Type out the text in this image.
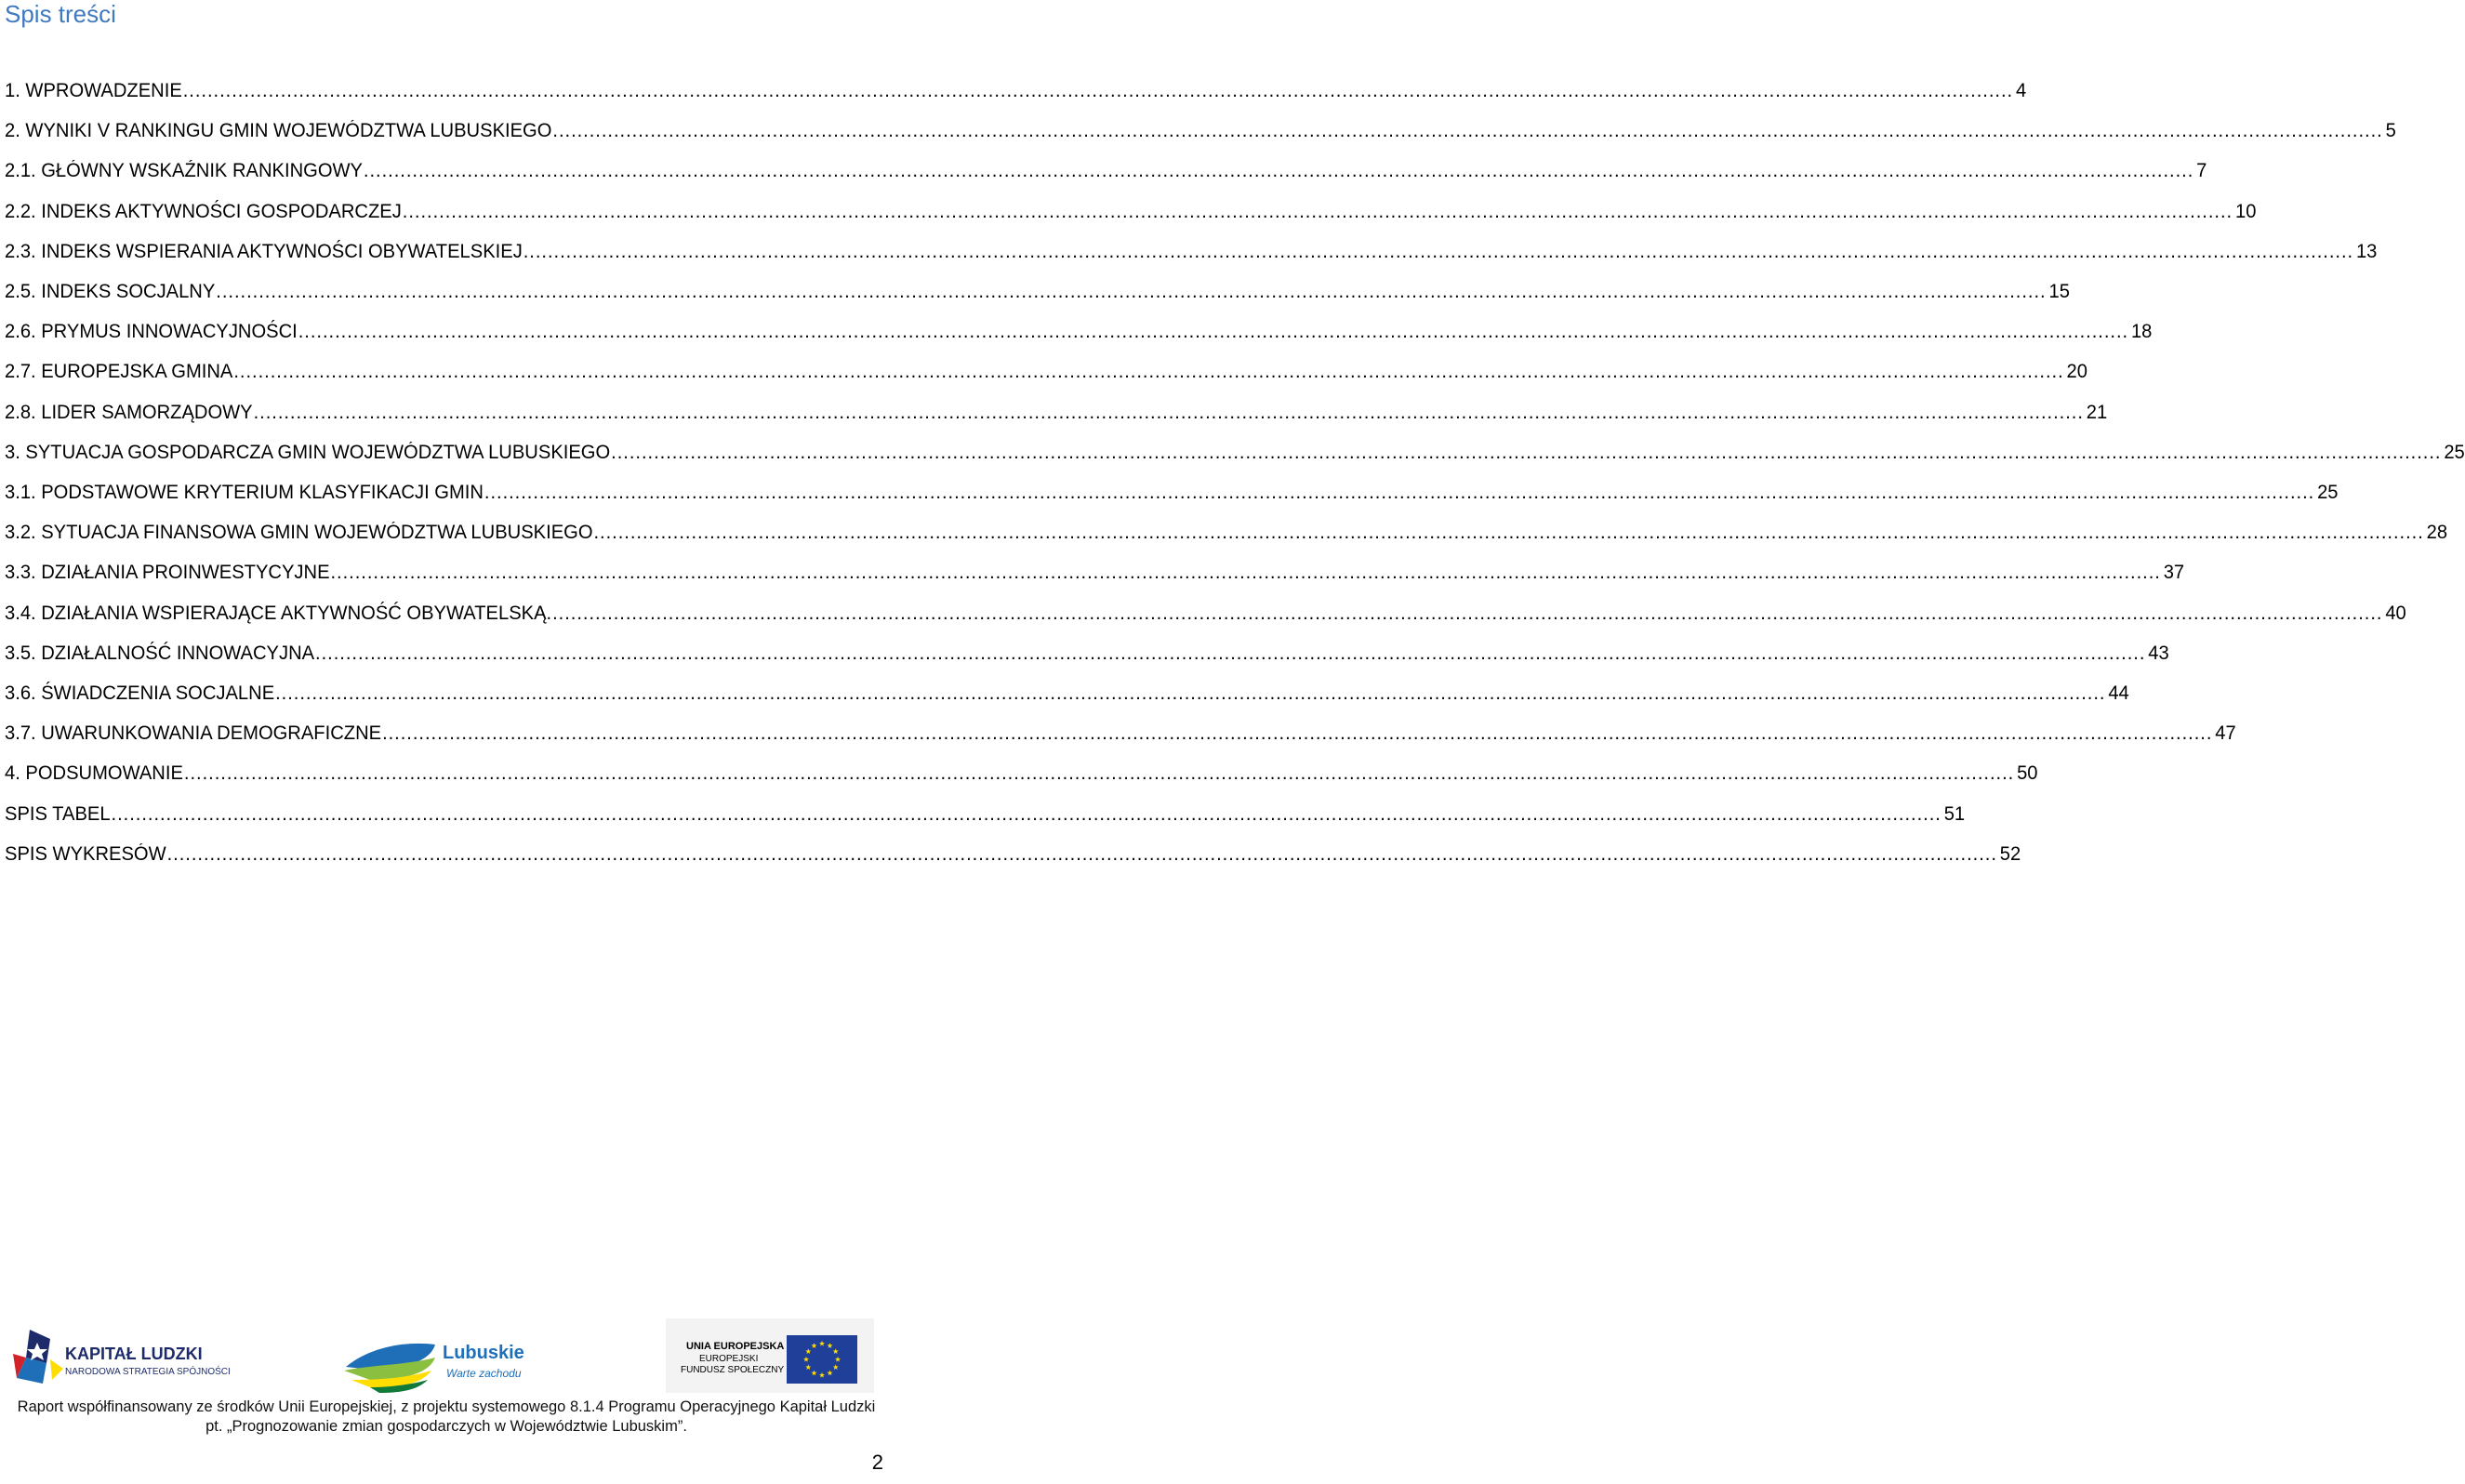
Spis treści
1. WPROWADZENIE ............................................................................................................................................................................................................................................................................................................ 4
2. WYNIKI V RANKINGU GMIN WOJEWÓDZTWA LUBUSKIEGO ............................................................................................................................................................................................................................................................................................................ 5
2.1. GŁÓWNY WSKAŹNIK RANKINGOWY ............................................................................................................................................................................................................................................................................................................ 7
2.2. INDEKS AKTYWNOŚCI GOSPODARCZEJ ............................................................................................................................................................................................................................................................................................................ 10
2.3. INDEKS WSPIERANIA AKTYWNOŚCI OBYWATELSKIEJ ............................................................................................................................................................................................................................................................................................................ 13
2.5. INDEKS SOCJALNY ............................................................................................................................................................................................................................................................................................................ 15
2.6. PRYMUS INNOWACYJNOŚCI ............................................................................................................................................................................................................................................................................................................ 18
2.7. EUROPEJSKA GMINA ............................................................................................................................................................................................................................................................................................................ 20
2.8. LIDER SAMORZĄDOWY ............................................................................................................................................................................................................................................................................................................ 21
3. SYTUACJA GOSPODARCZA GMIN WOJEWÓDZTWA LUBUSKIEGO ............................................................................................................................................................................................................................................................................................................ 25
3.1. PODSTAWOWE KRYTERIUM KLASYFIKACJI GMIN ............................................................................................................................................................................................................................................................................................................ 25
3.2. SYTUACJA FINANSOWA GMIN WOJEWÓDZTWA LUBUSKIEGO ............................................................................................................................................................................................................................................................................................................ 28
3.3. DZIAŁANIA PROINWESTYCYJNE ............................................................................................................................................................................................................................................................................................................ 37
3.4. DZIAŁANIA WSPIERAJĄCE AKTYWNOŚĆ OBYWATELSKĄ. ............................................................................................................................................................................................................................................................................................................ 40
3.5. DZIAŁALNOŚĆ INNOWACYJNA ............................................................................................................................................................................................................................................................................................................ 43
3.6. ŚWIADCZENIA SOCJALNE ............................................................................................................................................................................................................................................................................................................ 44
3.7. UWARUNKOWANIA DEMOGRAFICZNE ............................................................................................................................................................................................................................................................................................................ 47
4. PODSUMOWANIE ............................................................................................................................................................................................................................................................................................................ 50
SPIS TABEL ............................................................................................................................................................................................................................................................................................................ 51
SPIS WYKRESÓW ............................................................................................................................................................................................................................................................................................................ 52
KAPITAŁ LUDZKI
NARODOWA STRATEGIA SPÓJNOŚCI
Lubuskie
Warte zachodu
UNIA EUROPEJSKA
EUROPEJSKI
FUNDUSZ SPOŁECZNY
Raport współfinansowany ze środków Unii Europejskiej, z projektu systemowego 8.1.4 Programu Operacyjnego Kapitał Ludzki
pt. „Prognozowanie zmian gospodarczych w Województwie Lubuskim”.
2
